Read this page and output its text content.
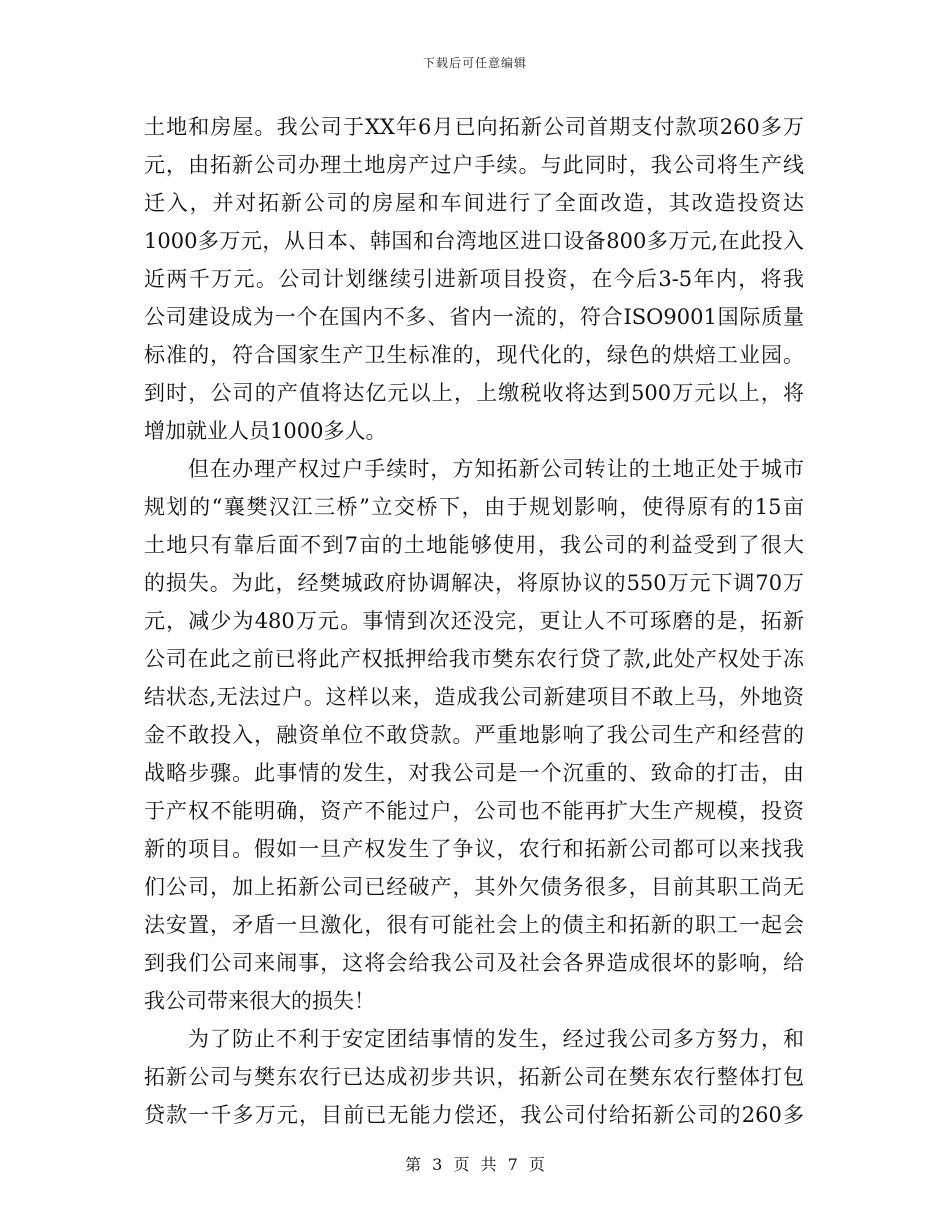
下载后可任意编辑
土地和房屋。我公司于XX年6月已向拓新公司首期支付款项260多万
元，由拓新公司办理土地房产过户手续。与此同时，我公司将生产线
迁入，并对拓新公司的房屋和车间进行了全面改造，其改造投资达
1000多万元，从日本、韩国和台湾地区进口设备800多万元,在此投入
近两千万元。公司计划继续引进新项目投资，在今后3-5年内，将我
公司建设成为一个在国内不多、省内一流的，符合ISO9001国际质量
标准的，符合国家生产卫生标准的，现代化的，绿色的烘焙工业园。
到时，公司的产值将达亿元以上，上缴税收将达到500万元以上，将
增加就业人员1000多人。
但在办理产权过户手续时，方知拓新公司转让的土地正处于城市
规划的“襄樊汉江三桥”立交桥下，由于规划影响，使得原有的15亩
土地只有靠后面不到7亩的土地能够使用，我公司的利益受到了很大
的损失。为此，经樊城政府协调解决，将原协议的550万元下调70万
元，减少为480万元。事情到次还没完，更让人不可琢磨的是，拓新
公司在此之前已将此产权抵押给我市樊东农行贷了款,此处产权处于冻
结状态,无法过户。这样以来，造成我公司新建项目不敢上马，外地资
金不敢投入，融资单位不敢贷款。严重地影响了我公司生产和经营的
战略步骤。此事情的发生，对我公司是一个沉重的、致命的打击，由
于产权不能明确，资产不能过户，公司也不能再扩大生产规模，投资
新的项目。假如一旦产权发生了争议，农行和拓新公司都可以来找我
们公司，加上拓新公司已经破产，其外欠债务很多，目前其职工尚无
法安置，矛盾一旦激化，很有可能社会上的债主和拓新的职工一起会
到我们公司来闹事，这将会给我公司及社会各界造成很坏的影响，给
我公司带来很大的损失！
为了防止不利于安定团结事情的发生，经过我公司多方努力，和
拓新公司与樊东农行已达成初步共识，拓新公司在樊东农行整体打包
贷款一千多万元，目前已无能力偿还，我公司付给拓新公司的260多
第 3 页 共 7 页
